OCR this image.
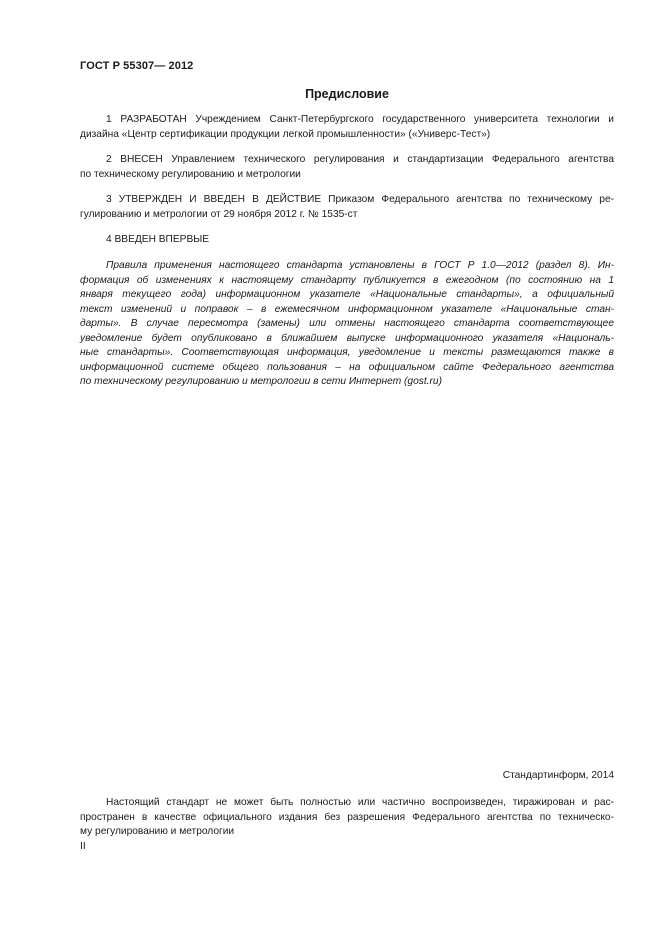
ГОСТ Р 55307— 2012
Предисловие
1 РАЗРАБОТАН Учреждением Санкт-Петербургского государственного университета технологии и
дизайна «Центр сертификации продукции легкой промышленности» («Универс-Тест»)
2 ВНЕСЕН Управлением технического регулирования и стандартизации Федерального агентства
по техническому регулированию и метрологии
3 УТВЕРЖДЕН И ВВЕДЕН В ДЕЙСТВИЕ Приказом Федерального агентства по техническому ре-
гулированию и метрологии от 29 ноября 2012 г. № 1535-ст
4 ВВЕДЕН ВПЕРВЫЕ
Правила применения настоящего стандарта установлены в ГОСТ Р 1.0—2012 (раздел 8). Ин-
формация об изменениях к настоящему стандарту публикуется в ежегодном (по состоянию на 1
января текущего года) информационном указателе «Национальные стандарты», а официальный
текст изменений и поправок – в ежемесячном информационном указателе «Национальные стан-
дарты». В случае пересмотра (замены) или отмены настоящего стандарта соответствующее
уведомление будет опубликовано в ближайшем выпуске информационного указателя «Националь-
ные стандарты». Соответствующая информация, уведомление и тексты размещаются также в
информационной системе общего пользования – на официальном сайте Федерального агентства
по техническому регулированию и метрологии в сети Интернет (gost.ru)
Стандартинформ, 2014
Настоящий стандарт не может быть полностью или частично воспроизведен, тиражирован и рас-
пространен в качестве официального издания без разрешения Федерального агентства по техническо-
му регулированию и метрологии
II
